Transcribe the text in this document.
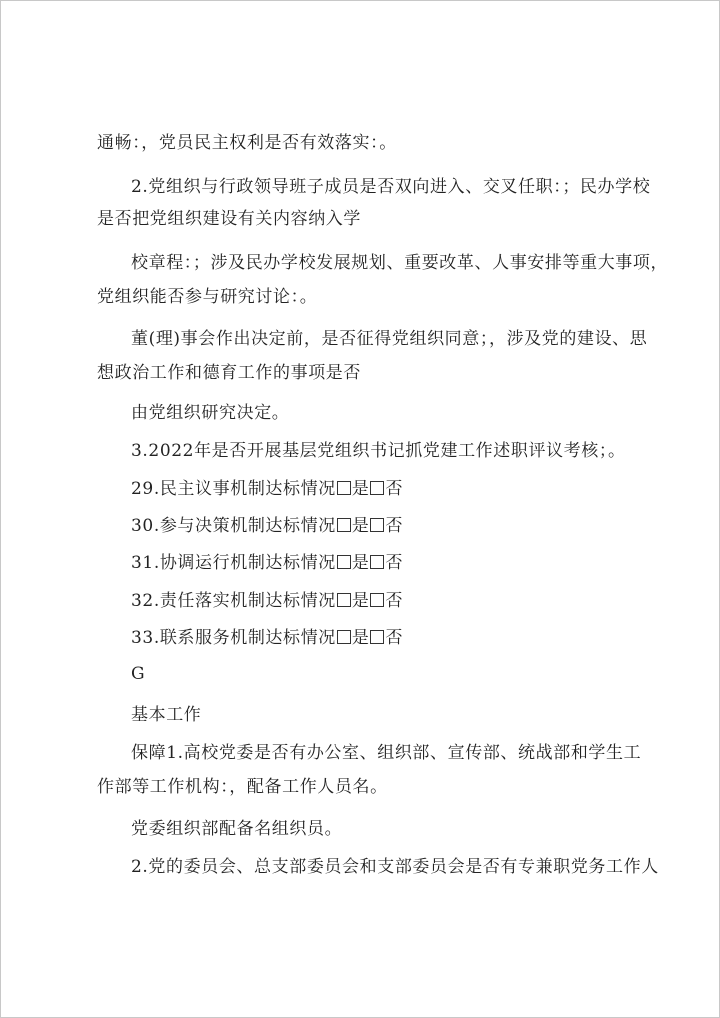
通畅：，党员民主权利是否有效落实：。
2.党组织与行政领导班子成员是否双向进入、交叉任职：；民办学校
是否把党组织建设有关内容纳入学
校章程：；涉及民办学校发展规划、重要改革、人事安排等重大事项，
党组织能否参与研究讨论：。
董(理)事会作出决定前，是否征得党组织同意；，涉及党的建设、思
想政治工作和德育工作的事项是否
由党组织研究决定。
3.2022年是否开展基层党组织书记抓党建工作述职评议考核；。
29.民主议事机制达标情况 是 否
30.参与决策机制达标情况 是 否
31.协调运行机制达标情况 是 否
32.责任落实机制达标情况 是 否
33.联系服务机制达标情况 是 否
G
基本工作
保障1.高校党委是否有办公室、组织部、宣传部、统战部和学生工
作部等工作机构：，配备工作人员名。
党委组织部配备名组织员。
2.党的委员会、总支部委员会和支部委员会是否有专兼职党务工作人
